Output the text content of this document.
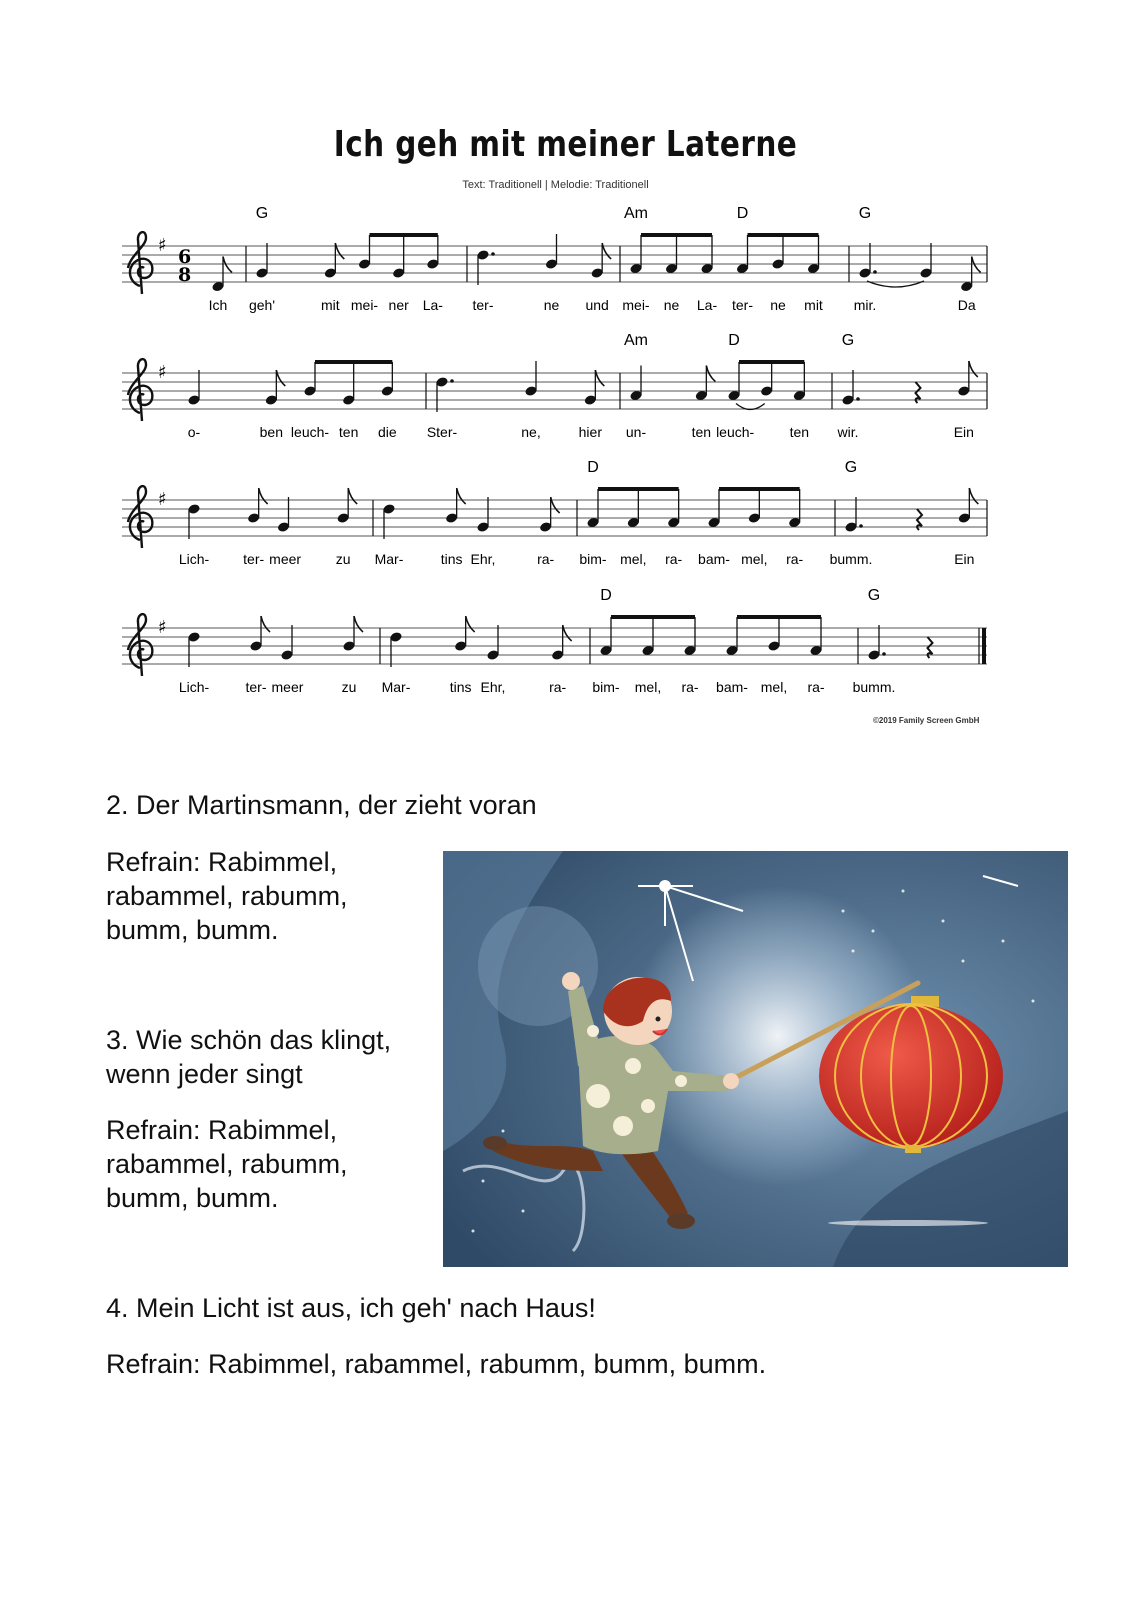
Ich geh mit meiner Laterne
Text: Traditionell | Melodie: Traditionell
♯
6
8
Ich geh'	mit mei- ner La- ter-	ne und mei- ne La- ter- ne mit mir.	Da
G	Am	D	G
♯
o-	ben leuch- ten die Ster-	ne,	hier un-	ten leuch-	ten wir.	Ein
Am	D	G
♯
Lich- ter- meer zu Mar-	tins Ehr,	ra- bim- mel, ra- bam- mel, ra- bumm.	Ein
D	G
♯
Lich-	ter- meer	zu Mar-	tins Ehr,	ra- bim- mel, ra- bam- mel, ra- bumm.
D	G
©2019 Family Screen GmbH
2. Der Martinsmann, der zieht voran
Refrain: Rabimmel,
rabammel, rabumm,
bumm, bumm.
3. Wie schön das klingt,
wenn jeder singt
Refrain: Rabimmel,
rabammel, rabumm,
bumm, bumm.
4. Mein Licht ist aus, ich geh' nach Haus!
Refrain: Rabimmel, rabammel, rabumm, bumm, bumm.
